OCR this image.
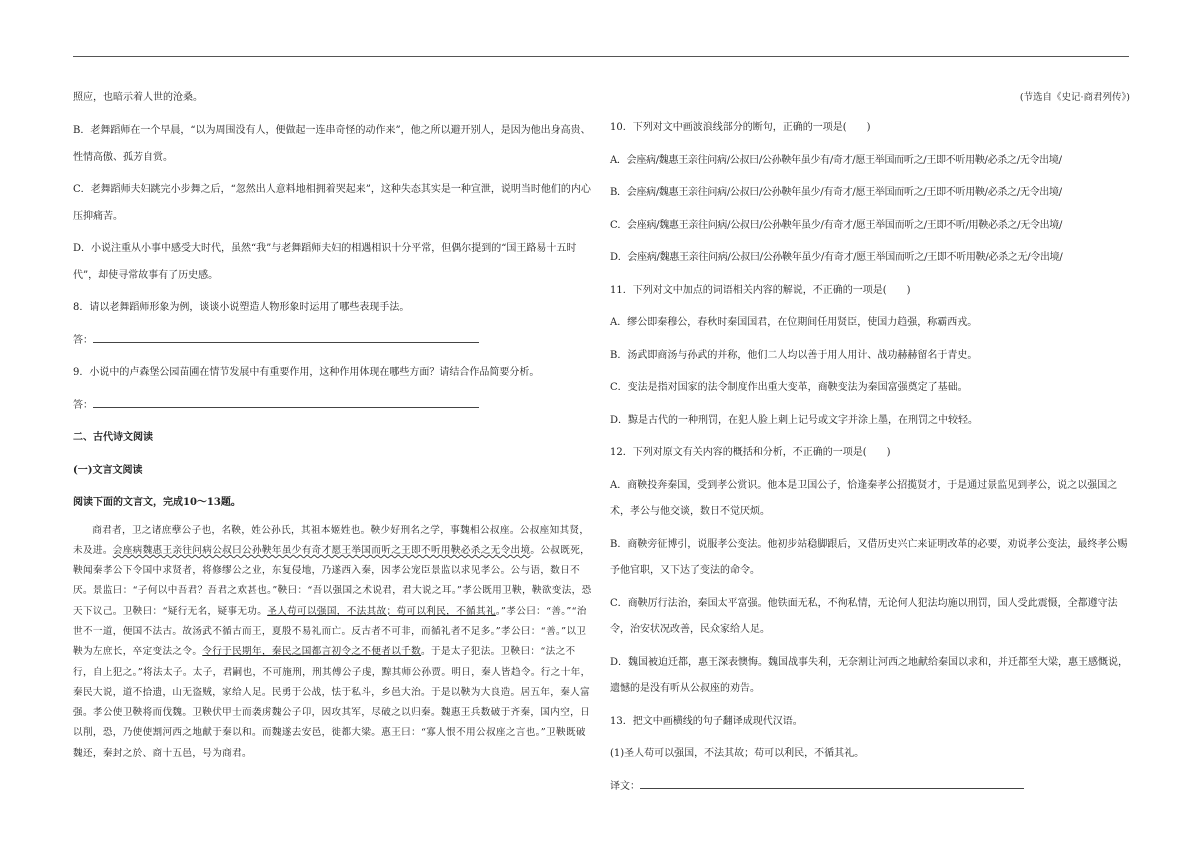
照应，也暗示着人世的沧桑。

B．老舞蹈师在一个早晨，“以为周围没有人，便做起一连串奇怪的动作来”，他之所以避开别人，是因为他出身高贵、性情高傲、孤芳自赏。

C．老舞蹈师夫妇跳完小步舞之后，“忽然出人意料地相拥着哭起来”，这种失态其实是一种宣泄，说明当时他们的内心压抑痛苦。

D．小说注重从小事中感受大时代，虽然“我”与老舞蹈师夫妇的相遇相识十分平常，但偶尔提到的“国王路易十五时代”，却使寻常故事有了历史感。

8．请以老舞蹈师形象为例，谈谈小说塑造人物形象时运用了哪些表现手法。

答：

9．小说中的卢森堡公园苗圃在情节发展中有重要作用，这种作用体现在哪些方面？请结合作品简要分析。

答：

二、古代诗文阅读

(一)文言文阅读

阅读下面的文言文，完成10～13题。

商君者，卫之诸庶孽公子也，名鞅，姓公孙氏，其祖本姬姓也。鞅少好刑名之学，事魏相公叔座。公叔座知其贤，未及进。会座病魏惠王亲往问病公叔曰公孙鞅年虽少有奇才愿王举国而听之王即不听用鞅必杀之无令出境。公叔既死，鞅闻秦孝公下令国中求贤者，将修缪公之业，东复侵地，乃遂西入秦，因孝公宠臣景监以求见孝公。公与语，数日不厌。景监曰：“子何以中吾君？吾君之欢甚也。”鞅曰：“吾以强国之术说君，君大说之耳。”孝公既用卫鞅，鞅欲变法，恐天下议己。卫鞅曰：“疑行无名，疑事无功。圣人苟可以强国，不法其故；苟可以利民，不循其礼。”孝公曰：“善。”“治世不一道，便国不法古。故汤武不循古而王，夏殷不易礼而亡。反古者不可非，而循礼者不足多。”孝公曰：“善。”以卫鞅为左庶长，卒定变法之令。令行于民期年，秦民之国都言初令之不便者以千数。于是太子犯法。卫鞅曰：“法之不行，自上犯之。”将法太子。太子，君嗣也，不可施刑，刑其傅公子虔，黥其师公孙贾。明日，秦人皆趋令。行之十年，秦民大说，道不拾遗，山无盗贼，家给人足。民勇于公战，怯于私斗，乡邑大治。于是以鞅为大良造。居五年，秦人富强。孝公使卫鞅将而伐魏。卫鞅伏甲士而袭虏魏公子卬，因攻其军，尽破之以归秦。魏惠王兵数破于齐秦，国内空，日以削，恐，乃使使割河西之地献于秦以和。而魏遂去安邑，徙都大梁。惠王曰：“寡人恨不用公叔座之言也。”卫鞅既破魏还，秦封之於、商十五邑，号为商君。

(节选自《史记·商君列传》)

10．下列对文中画波浪线部分的断句，正确的一项是(　　)

A．会座病/魏惠王亲往问病/公叔曰/公孙鞅年虽少有/奇才/愿王举国而听之/王即不听用鞅/必杀之/无令出境/

B．会座病/魏惠王亲往问病/公叔曰/公孙鞅年虽少/有奇才/愿王举国而听之/王即不听用鞅/必杀之/无令出境/

C．会座病/魏惠王亲往问病/公叔曰/公孙鞅年虽少/有奇才/愿王举国而听之/王即不听/用鞅必杀之/无令出境/

D．会座病/魏惠王亲往问病/公叔曰/公孙鞅年虽少/有奇才/愿王举国而听之/王即不听用鞅/必杀之无/令出境/

11．下列对文中加点的词语相关内容的解说，不正确的一项是(　　)

A．缪公即秦穆公，春秋时秦国国君，在位期间任用贤臣，使国力趋强，称霸西戎。

B．汤武即商汤与孙武的并称，他们二人均以善于用人用计、战功赫赫留名于青史。

C．变法是指对国家的法令制度作出重大变革，商鞅变法为秦国富强奠定了基础。

D．黥是古代的一种刑罚，在犯人脸上刺上记号或文字并涂上墨，在刑罚之中较轻。

12．下列对原文有关内容的概括和分析，不正确的一项是(　　)

A．商鞅投奔秦国，受到孝公赏识。他本是卫国公子，恰逢秦孝公招揽贤才，于是通过景监见到孝公，说之以强国之术，孝公与他交谈，数日不觉厌烦。

B．商鞅旁征博引，说服孝公变法。他初步站稳脚跟后，又借历史兴亡来证明改革的必要，劝说孝公变法，最终孝公赐予他官职，又下达了变法的命令。

C．商鞅厉行法治，秦国太平富强。他铁面无私，不徇私情，无论何人犯法均施以刑罚，国人受此震慑，全都遵守法令，治安状况改善，民众家给人足。

D．魏国被迫迁都，惠王深表懊悔。魏国战事失利，无奈割让河西之地献给秦国以求和，并迁都至大梁，惠王感慨说，遗憾的是没有听从公叔座的劝告。

13．把文中画横线的句子翻译成现代汉语。

(1)圣人苟可以强国，不法其故；苟可以利民，不循其礼。

译文：
